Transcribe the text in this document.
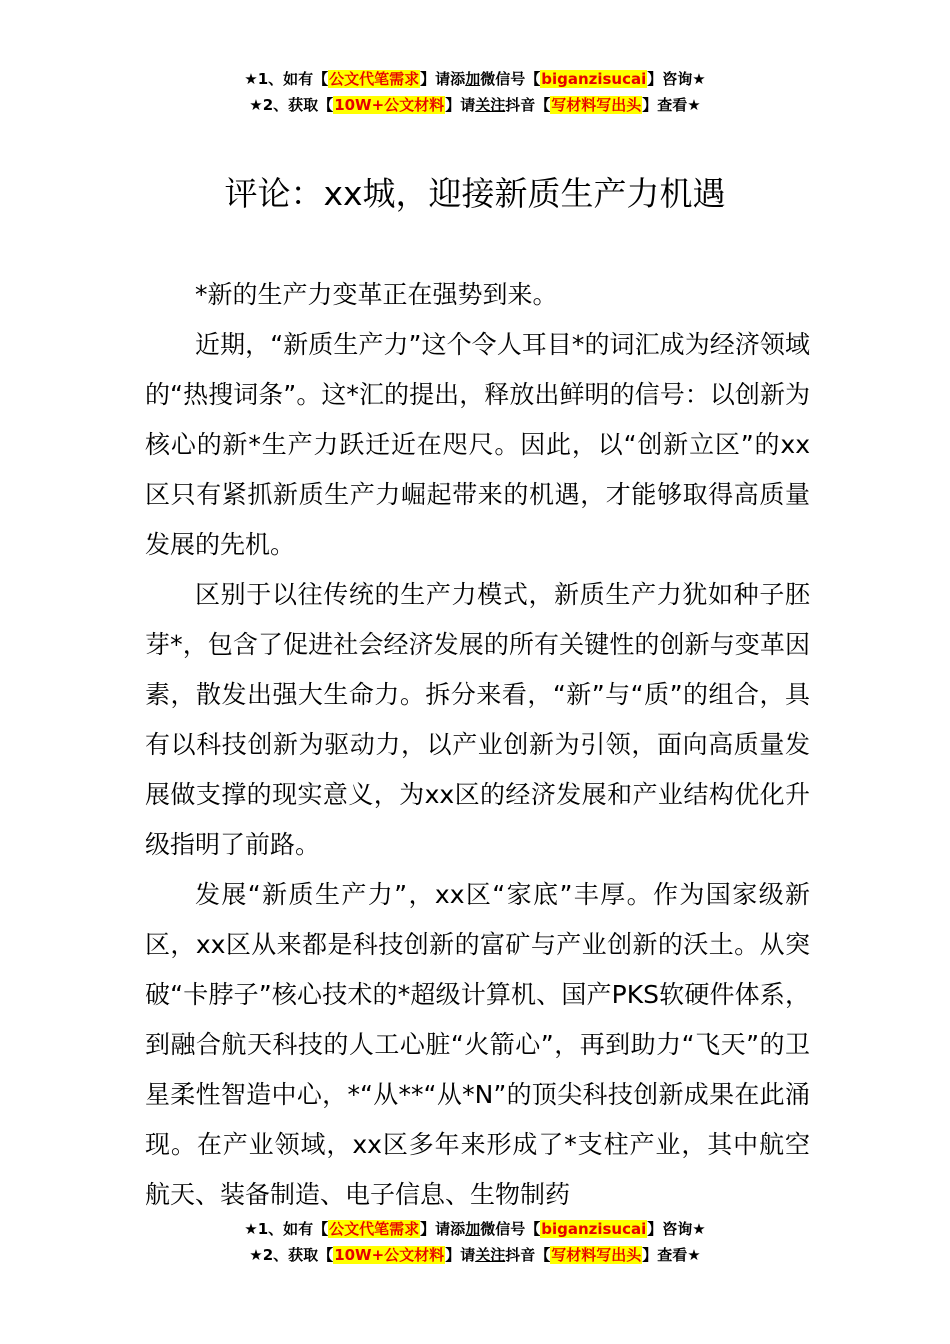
★1、如有【公文代笔需求】请添加微信号【biganzisucai】咨询★
★2、获取【10W+公文材料】请关注抖音【写材料写出头】查看★
评论：xx城，迎接新质生产力机遇

*新的生产力变革正在强势到来。

近期，“新质生产力”这个令人耳目*的词汇成为经济领域的“热搜词条”。这*汇的提出，释放出鲜明的信号：以创新为核心的新*生产力跃迁近在咫尺。因此，以“创新立区”的xx区只有紧抓新质生产力崛起带来的机遇，才能够取得高质量发展的先机。

区别于以往传统的生产力模式，新质生产力犹如种子胚芽*，包含了促进社会经济发展的所有关键性的创新与变革因素，散发出强大生命力。拆分来看，“新”与“质”的组合，具有以科技创新为驱动力，以产业创新为引领，面向高质量发展做支撑的现实意义，为xx区的经济发展和产业结构优化升级指明了前路。

发展“新质生产力”，xx区“家底”丰厚。作为国家级新区，xx区从来都是科技创新的富矿与产业创新的沃土。从突破“卡脖子”核心技术的*超级计算机、国产PKS软硬件体系，到融合航天科技的人工心脏“火箭心”，再到助力“飞天”的卫星柔性智造中心，*“从**“从*N”的顶尖科技创新成果在此涌现。在产业领域，xx区多年来形成了*支柱产业，其中航空航天、装备制造、电子信息、生物制药

★1、如有【公文代笔需求】请添加微信号【biganzisucai】咨询★
★2、获取【10W+公文材料】请关注抖音【写材料写出头】查看★
